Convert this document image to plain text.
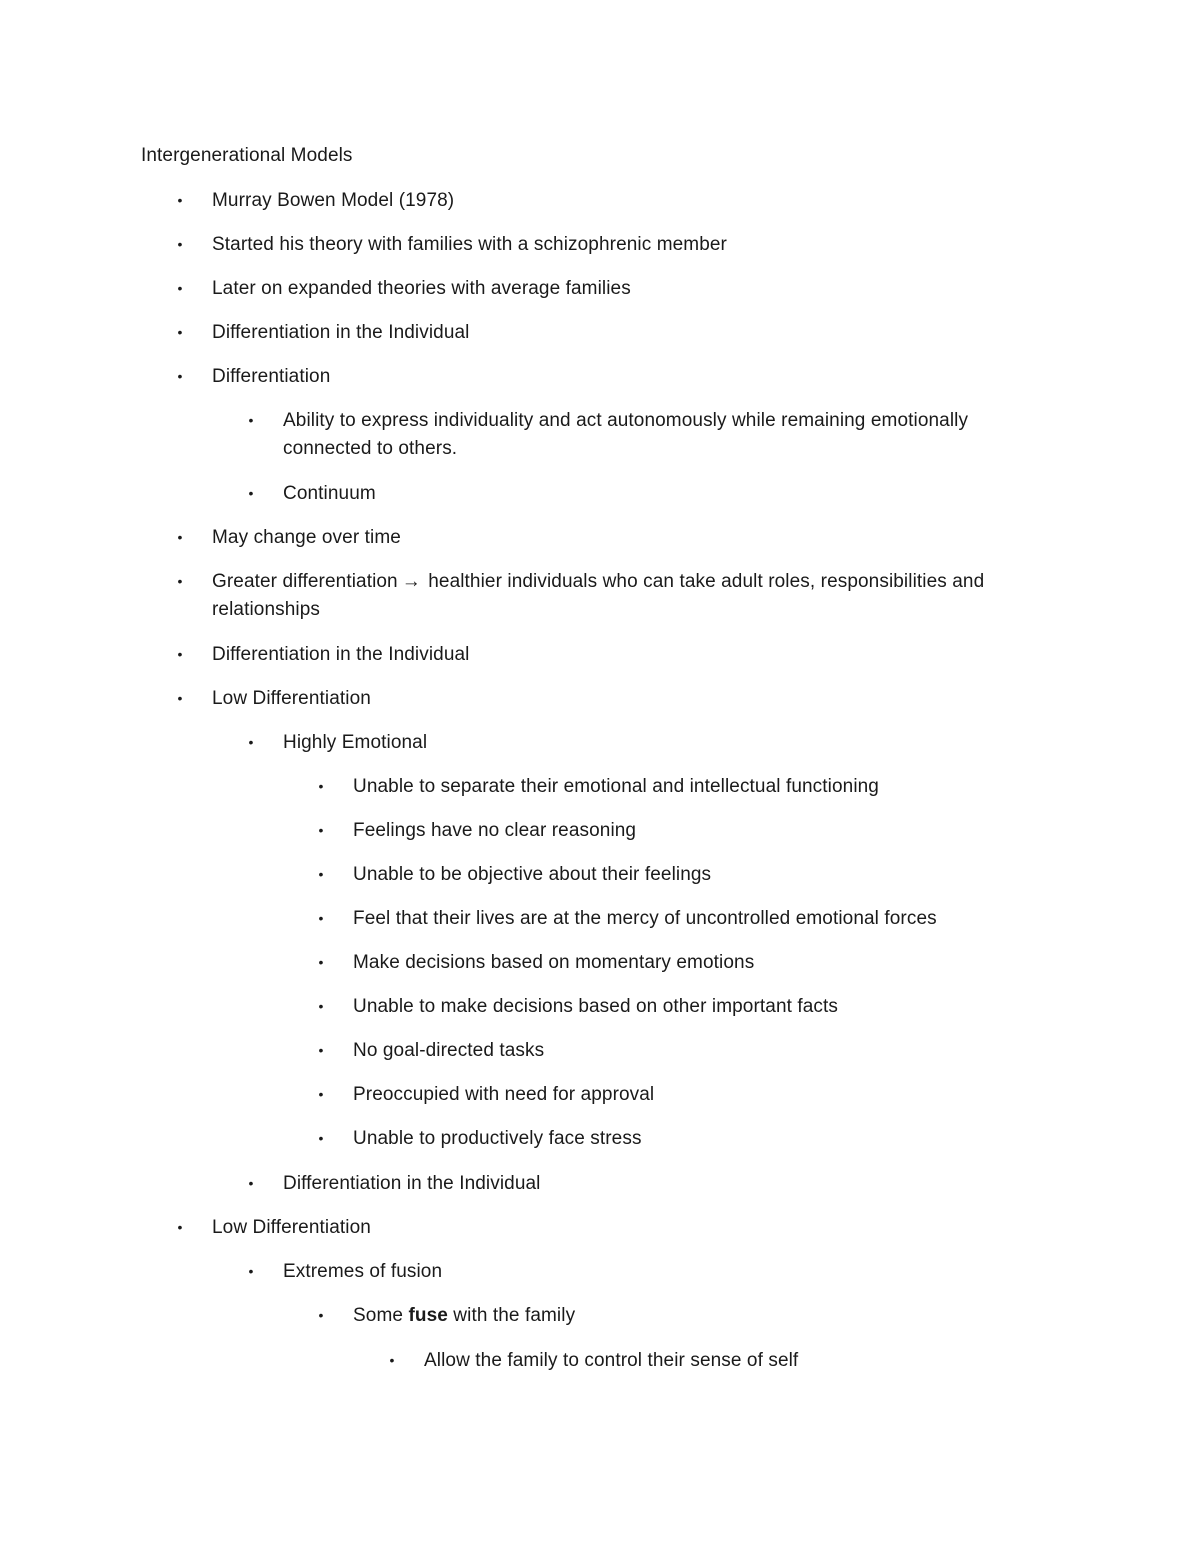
Intergenerational Models
• Murray Bowen Model (1978)
• Started his theory with families with a schizophrenic member
• Later on expanded theories with average families
• Differentiation in the Individual
• Differentiation
• Ability to express individuality and act autonomously while remaining emotionally connected to others.
• Continuum
• May change over time
• Greater differentiation → healthier individuals who can take adult roles, responsibilities and relationships
• Differentiation in the Individual
• Low Differentiation
• Highly Emotional
• Unable to separate their emotional and intellectual functioning
• Feelings have no clear reasoning
• Unable to be objective about their feelings
• Feel that their lives are at the mercy of uncontrolled emotional forces
• Make decisions based on momentary emotions
• Unable to make decisions based on other important facts
• No goal-directed tasks
• Preoccupied with need for approval
• Unable to productively face stress
• Differentiation in the Individual
• Low Differentiation
• Extremes of fusion
• Some fuse with the family
• Allow the family to control their sense of self
